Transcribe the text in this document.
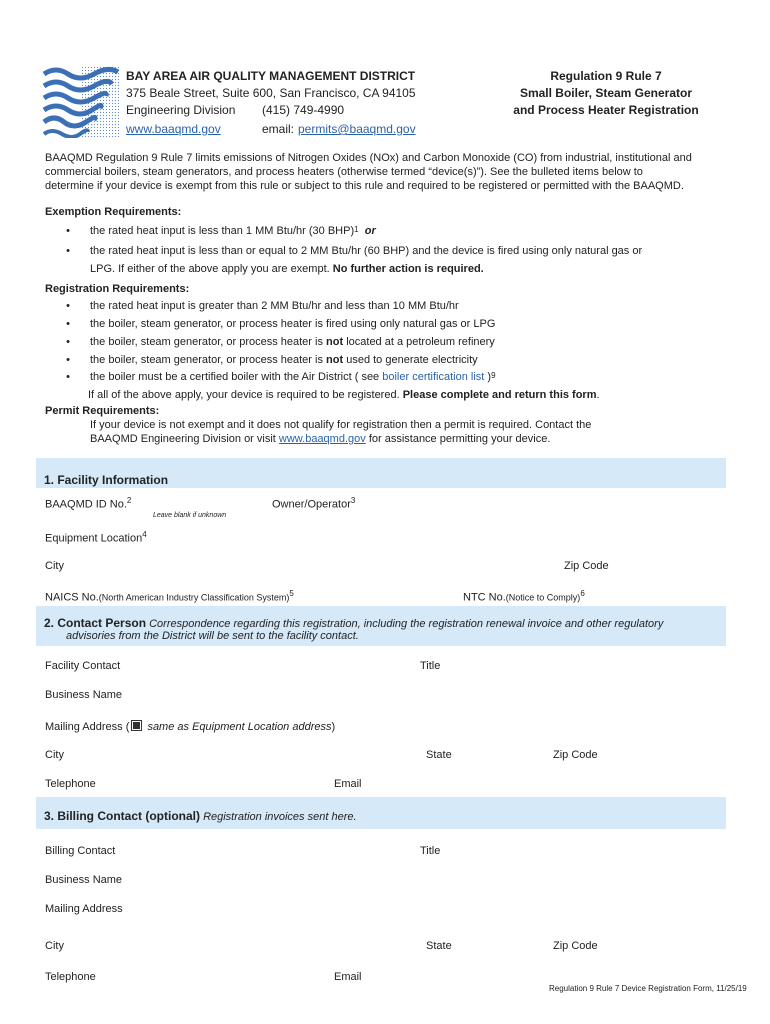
BAY AREA AIR QUALITY MANAGEMENT DISTRICT
375 Beale Street, Suite 600, San Francisco, CA 94105
Engineering Division (415) 749-4990
www.baaqmd.gov	email: permits@baaqmd.gov
Regulation 9 Rule 7
Small Boiler, Steam Generator
and Process Heater Registration
BAAQMD Regulation 9 Rule 7 limits emissions of Nitrogen Oxides (NOx) and Carbon Monoxide (CO) from industrial, institutional and
commercial boilers, steam generators, and process heaters (otherwise termed “device(s)”). See the bulleted items below to
determine if your device is exempt from this rule or subject to this rule and required to be registered or permitted with the BAAQMD.
Exemption Requirements:
•	the rated heat input is less than 1 MM Btu/hr (30 BHP) 1
or
•	the rated heat input is less than or equal to 2 MM Btu/hr (60 BHP) and the device is fired using only natural gas or
LPG. If either of the above apply you are exempt. No further action is required.
Registration Requirements:
•	the rated heat input is greater than 2 MM Btu/hr and less than 10 MM Btu/hr
•	the boiler, steam generator, or process heater is fired using only natural gas or LPG
•	the boiler, steam generator, or process heater is
not
located at a petroleum refinery
•	the boiler, steam generator, or process heater is
not
used to generate electricity
•	the boiler must be a certified boiler with the Air District ( see
boiler certification list
) 9
If all of the above apply, your device is required to be registered. Please complete and return this form.
Permit Requirements:
If your device is not exempt and it does not qualify for registration then a permit is required. Contact the
BAAQMD Engineering Division or visit www.baaqmd.gov for assistance permitting your device.
1. Facility Information
BAAQMD ID No.$^2$
Leave blank if unknown
Owner/Operator$^3$
Equipment Location$^4$
City	Zip Code
NAICS No.(North American Industry Classification System)$^5$	NTC No.(Notice to Comply)$^6$
2. Contact Person Correspondence regarding this registration, including the registration renewal invoice and other regulatory
advisories from the District will be sent to the facility contact.
Facility Contact	Title
Business Name
Mailing Address ( same as Equipment Location address)
City	State	Zip Code
Telephone	Email
3. Billing Contact (optional) Registration invoices sent here.
Billing Contact	Title
Business Name
Mailing Address
City	State	Zip Code
Telephone	Email
Regulation 9 Rule 7 Device Registration Form, 11/25/19
